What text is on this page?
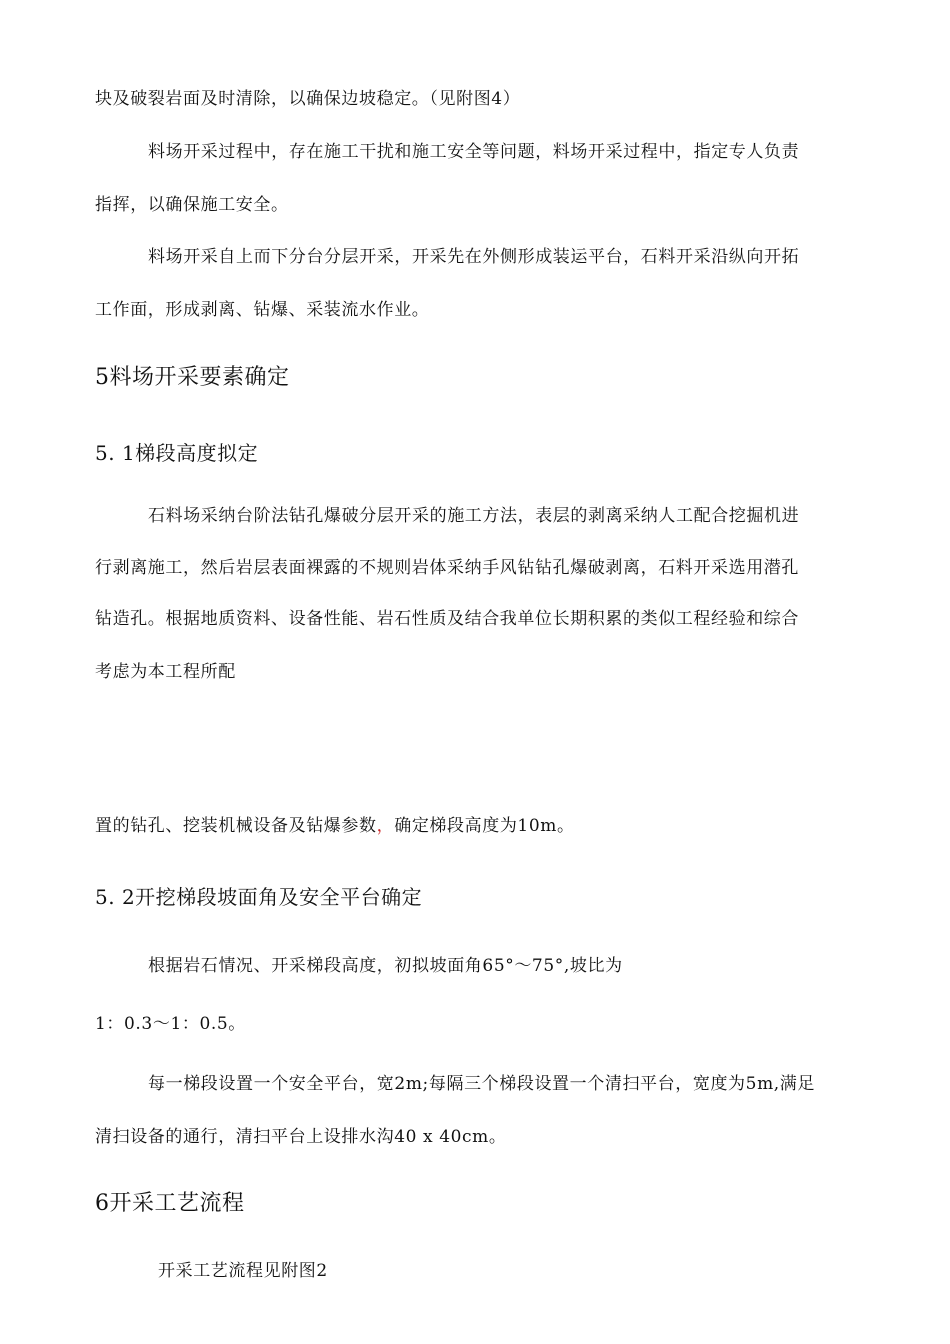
块及破裂岩面及时清除，以确保边坡稳定。（见附图4）
料场开采过程中，存在施工干扰和施工安全等问题，料场开采过程中，指定专人负责
指挥，以确保施工安全。
料场开采自上而下分台分层开采，开采先在外侧形成装运平台，石料开采沿纵向开拓
工作面，形成剥离、钻爆、采装流水作业。
5料场开采要素确定
5. 1梯段高度拟定
石料场采纳台阶法钻孔爆破分层开采的施工方法，表层的剥离采纳人工配合挖掘机进
行剥离施工，然后岩层表面裸露的不规则岩体采纳手风钻钻孔爆破剥离，石料开采选用潜孔
钻造孔。根据地质资料、设备性能、岩石性质及结合我单位长期积累的类似工程经验和综合
考虑为本工程所配
置的钻孔、挖装机械设备及钻爆参数，确定梯段高度为10m。
5. 2开挖梯段坡面角及安全平台确定
根据岩石情况、开采梯段高度，初拟坡面角65°〜75°,坡比为
1：0.3〜1：0.5。
每一梯段设置一个安全平台，宽2m;每隔三个梯段设置一个清扫平台，宽度为5m,满足
清扫设备的通行，清扫平台上设排水沟40 x 40cm。
6开采工艺流程
开采工艺流程见附图2
